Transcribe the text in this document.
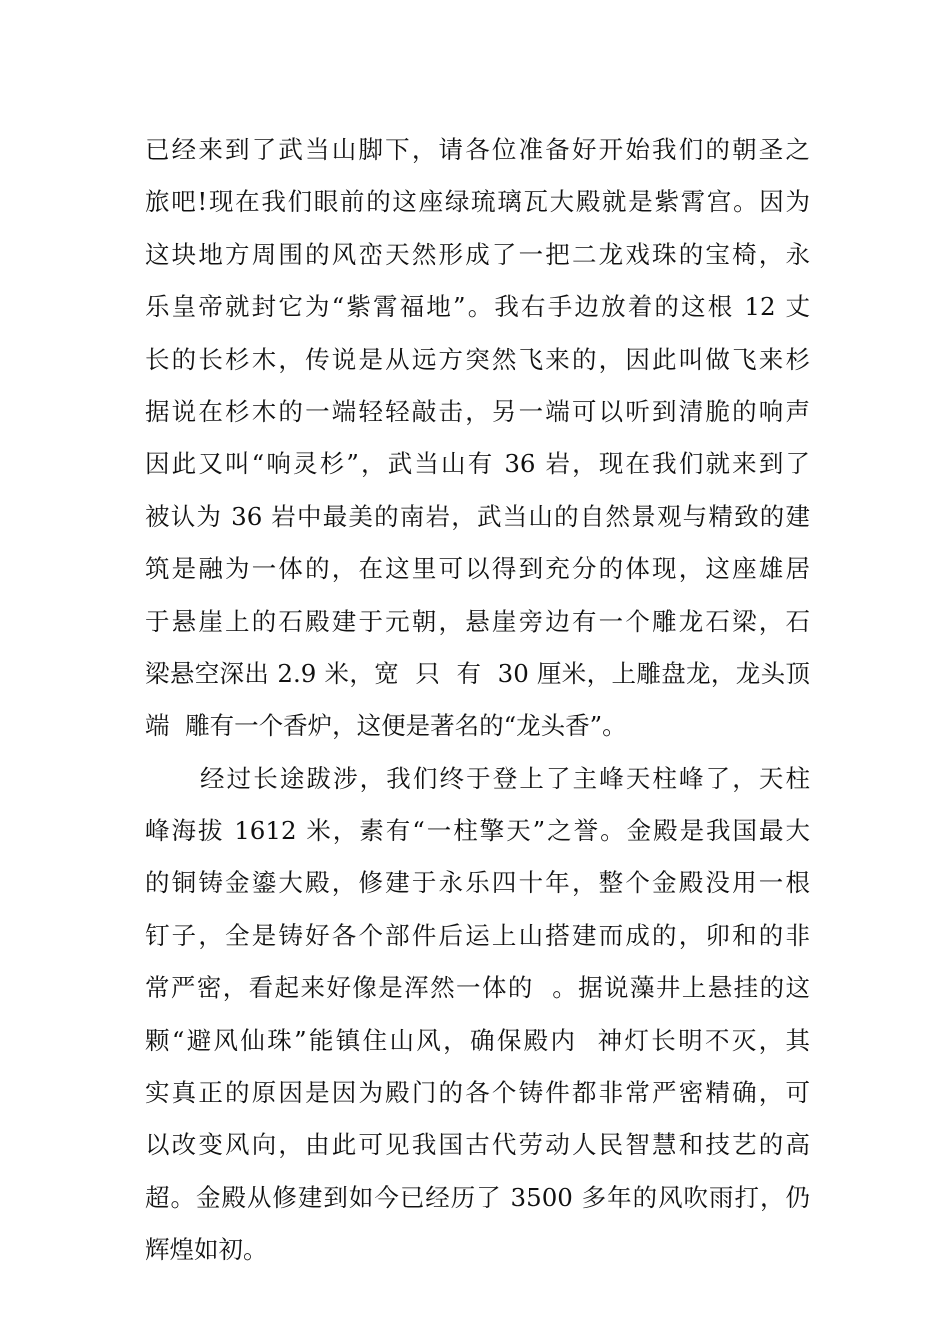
已经来到了武当山脚下，请各位准备好开始我们的朝圣之
旅吧!现在我们眼前的这座绿琉璃瓦大殿就是紫霄宫。因为
这块地方周围的风峦天然形成了一把二龙戏珠的宝椅，永
乐皇帝就封它为“紫霄福地”。我右手边放着的这根 12 丈
长的长杉木，传说是从远方突然飞来的，因此叫做飞来杉
据说在杉木的一端轻轻敲击，另一端可以听到清脆的响声
因此又叫“响灵杉”，武当山有 36 岩，现在我们就来到了
被认为 36 岩中最美的南岩，武当山的自然景观与精致的建
筑是融为一体的，在这里可以得到充分的体现，这座雄居
于悬崖上的石殿建于元朝，悬崖旁边有一个雕龙石梁，石
梁悬空深出 2.9 米，宽  只  有  30 厘米，上雕盘龙，龙头顶
端  雕有一个香炉，这便是著名的“龙头香”。
经过长途跋涉，我们终于登上了主峰天柱峰了，天柱
峰海拔 1612 米，素有“一柱擎天”之誉。金殿是我国最大
的铜铸金鎏大殿，修建于永乐四十年，整个金殿没用一根
钉子，全是铸好各个部件后运上山搭建而成的，卯和的非
常严密，看起来好像是浑然一体的  。据说藻井上悬挂的这
颗“避风仙珠”能镇住山风，确保殿内  神灯长明不灭，其
实真正的原因是因为殿门的各个铸件都非常严密精确，可
以改变风向，由此可见我国古代劳动人民智慧和技艺的高
超。金殿从修建到如今已经历了 3500 多年的风吹雨打，仍
辉煌如初。
